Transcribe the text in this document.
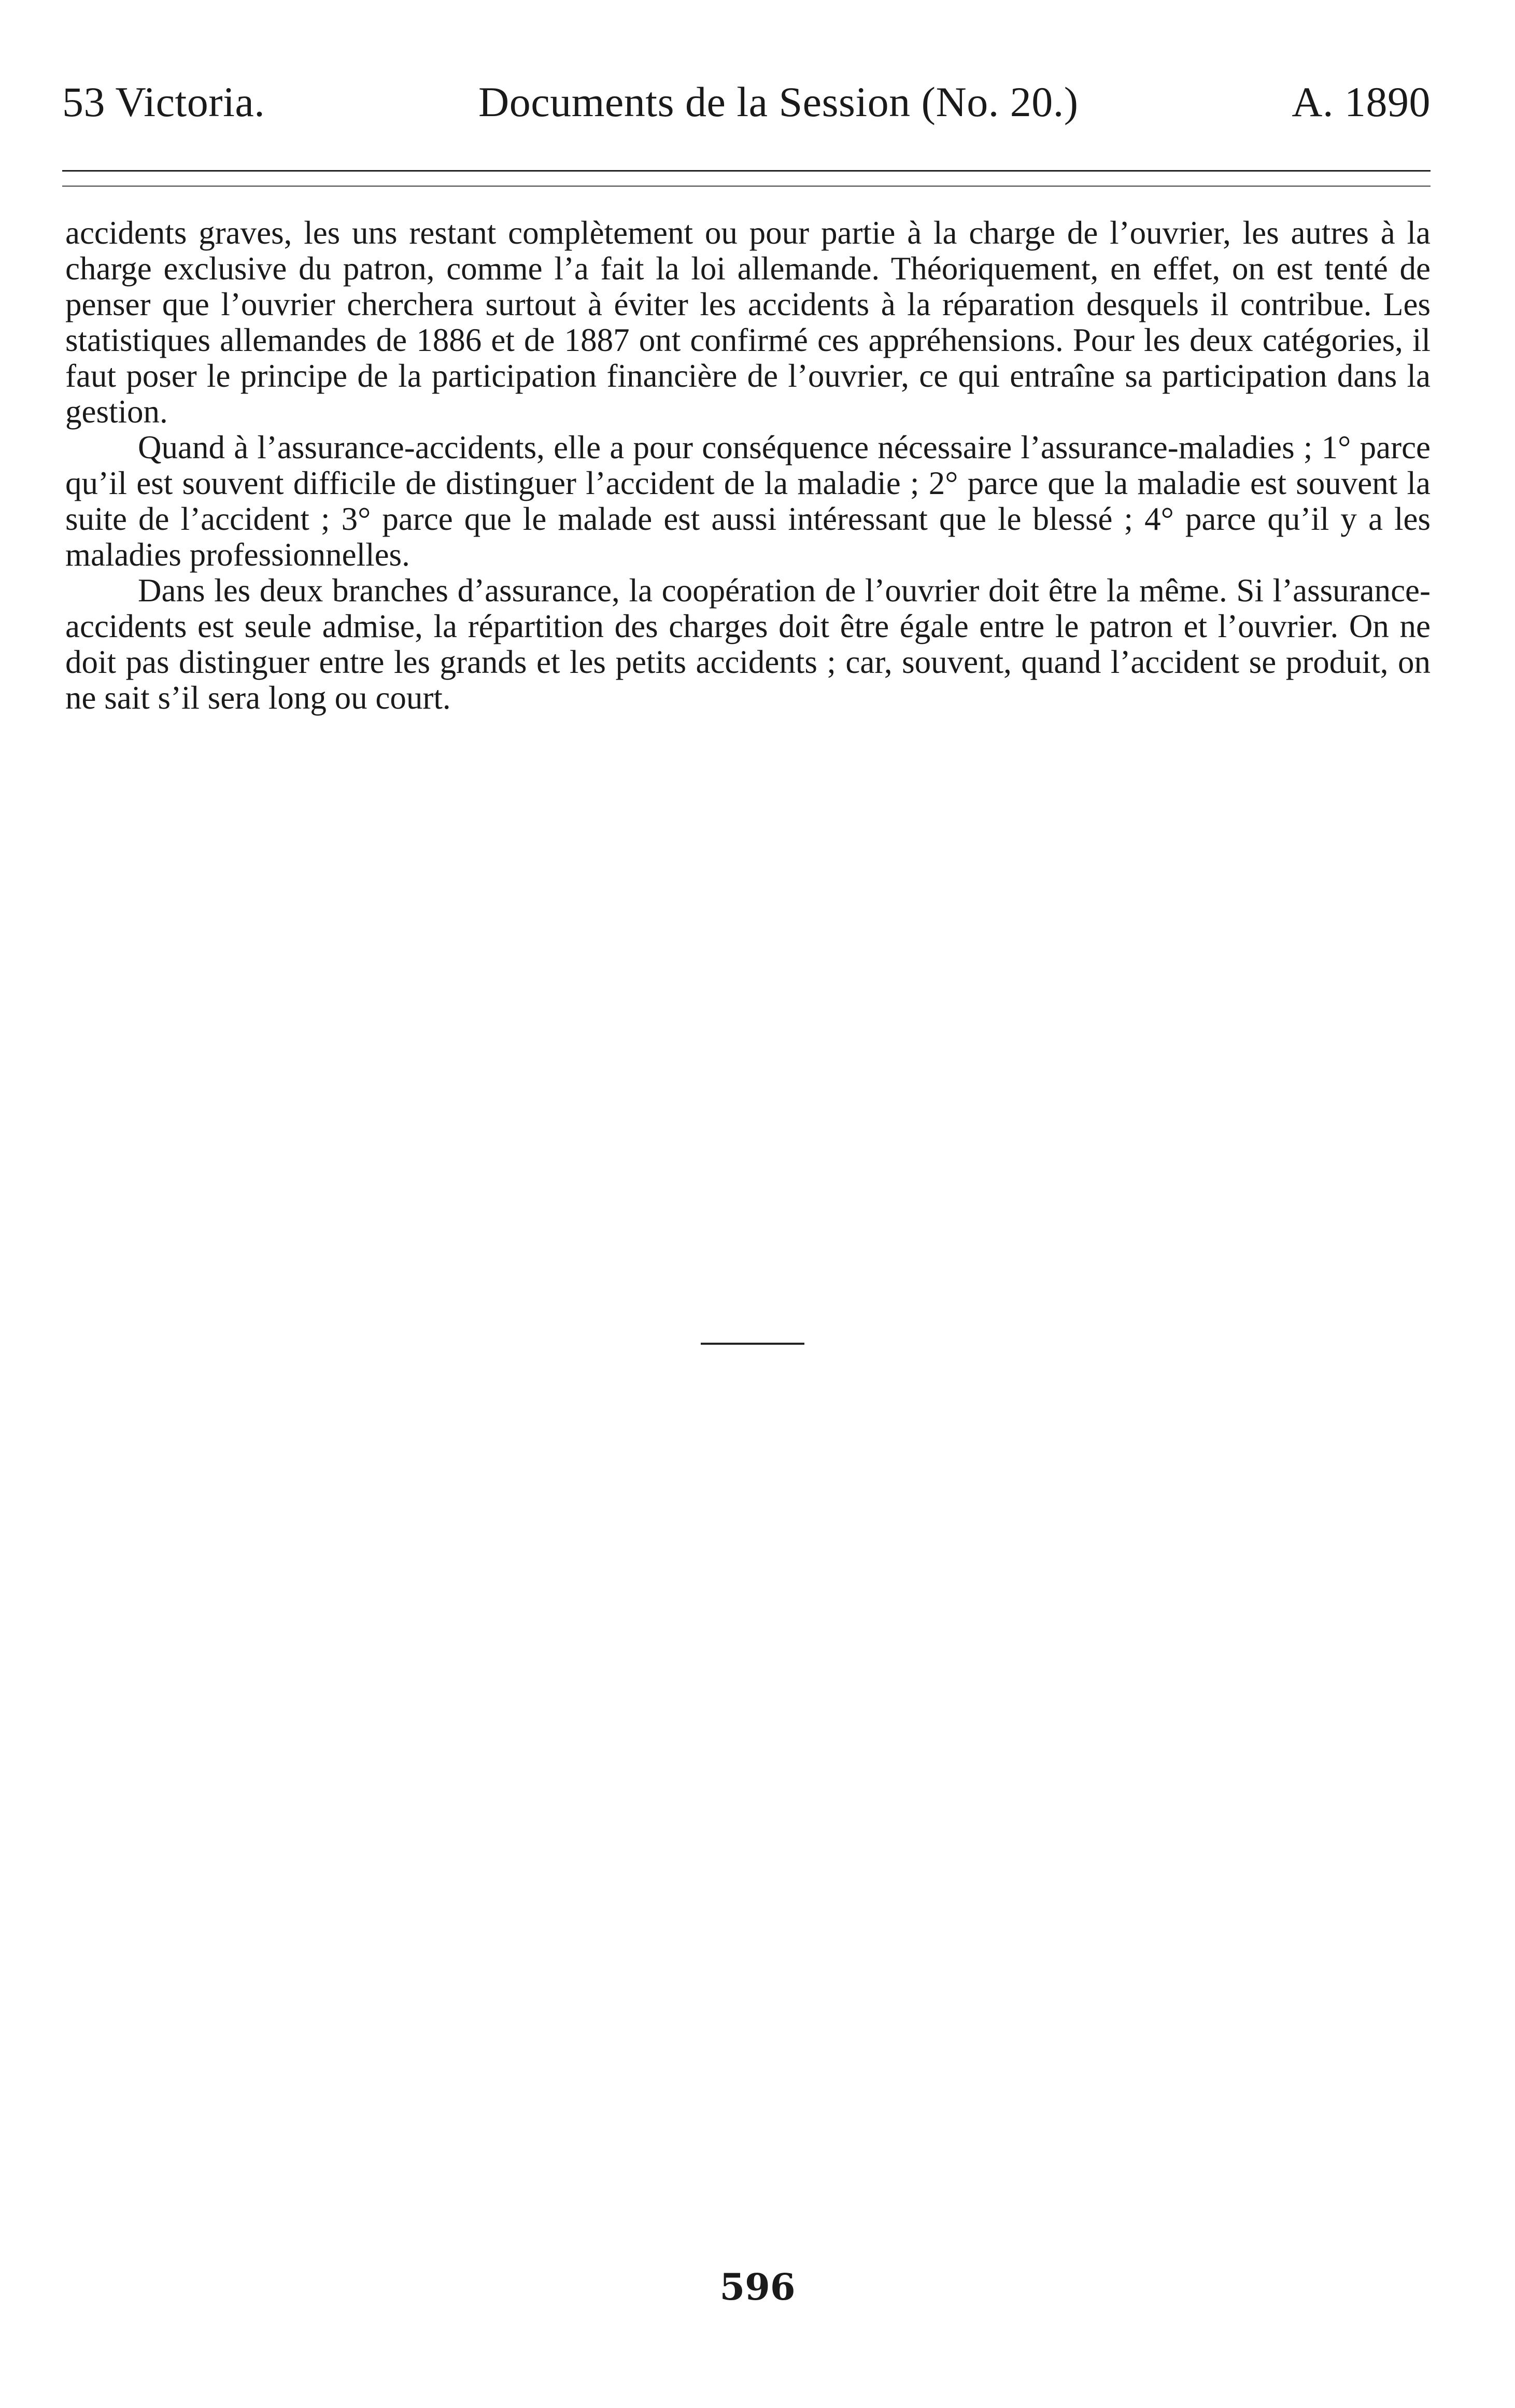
53 Victoria.	Documents de la Session (No. 20.)	A. 1890

accidents graves, les uns restant complètement ou pour partie à la charge de l’ouvrier, les autres à la charge exclusive du patron, comme l’a fait la loi allemande. Théoriquement, en effet, on est tenté de penser que l’ouvrier cherchera surtout à éviter les accidents à la réparation desquels il contribue. Les statistiques allemandes de 1886 et de 1887 ont confirmé ces appréhensions. Pour les deux catégories, il faut poser le principe de la participation financière de l’ouvrier, ce qui entraîne sa participation dans la gestion.

Quand à l’assurance-accidents, elle a pour conséquence nécessaire l’assurance-maladies ; 1° parce qu’il est souvent difficile de distinguer l’accident de la maladie ; 2° parce que la maladie est souvent la suite de l’accident ; 3° parce que le malade est aussi intéressant que le blessé ; 4° parce qu’il y a les maladies professionnelles.

Dans les deux branches d’assurance, la coopération de l’ouvrier doit être la même. Si l’assurance-accidents est seule admise, la répartition des charges doit être égale entre le patron et l’ouvrier. On ne doit pas distinguer entre les grands et les petits accidents ; car, souvent, quand l’accident se produit, on ne sait s’il sera long ou court.

596
